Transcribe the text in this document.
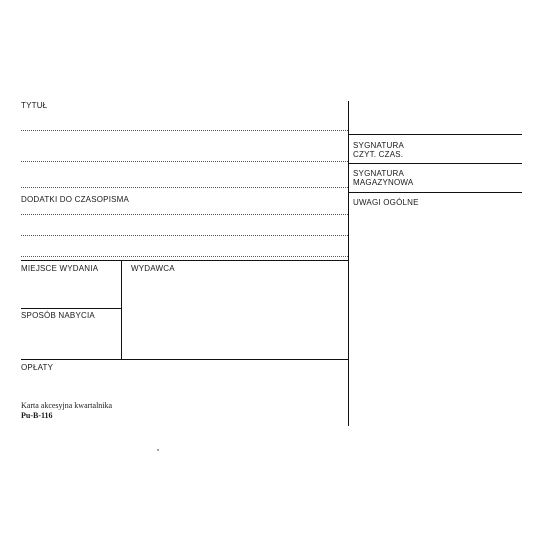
TYTUŁ
DODATKI DO CZASOPISMA
MIEJSCE WYDANIA	WYDAWCA
SPOSÓB NABYCIA
OPŁATY
SYGNATURA
CZYT. CZAS.
SYGNATURA
MAGAZYNOWA
UWAGI OGÓLNE
Karta akcesyjna kwartalnika
Pu-B-116
